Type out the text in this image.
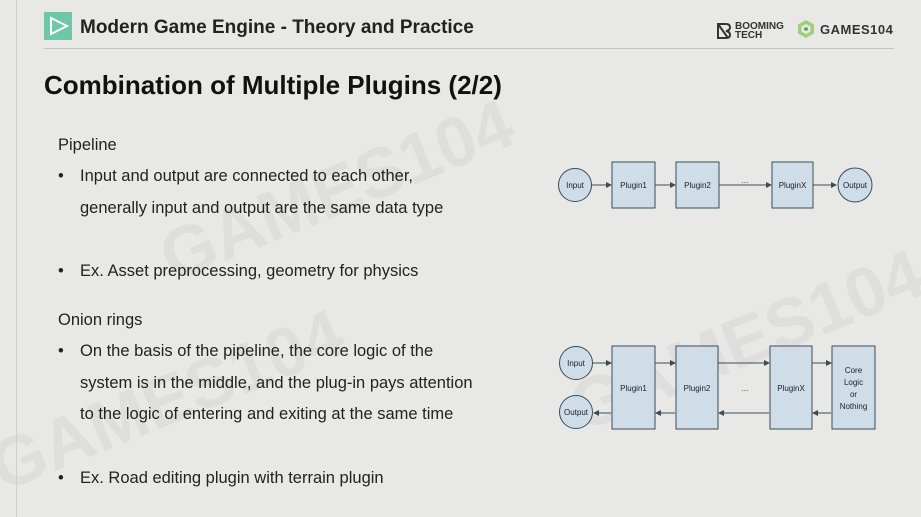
Modern Game Engine - Theory and Practice	BOOMING
TECH	GAMES104
Combination of Multiple Plugins (2/2)
Pipeline
• Input and output are connected to each other, generally input and output are the same data type
• Ex. Asset preprocessing, geometry for physics
Onion rings
• On the basis of the pipeline, the core logic of the system is in the middle, and the plug-in pays attention to the logic of entering and exiting at the same time
• Ex. Road editing plugin with terrain plugin
Input	Plugin1	Plugin2
...
PluginX	Output
Input
Output
Plugin1	Plugin2	...	PluginX
Core
Logic
or
Nothing
